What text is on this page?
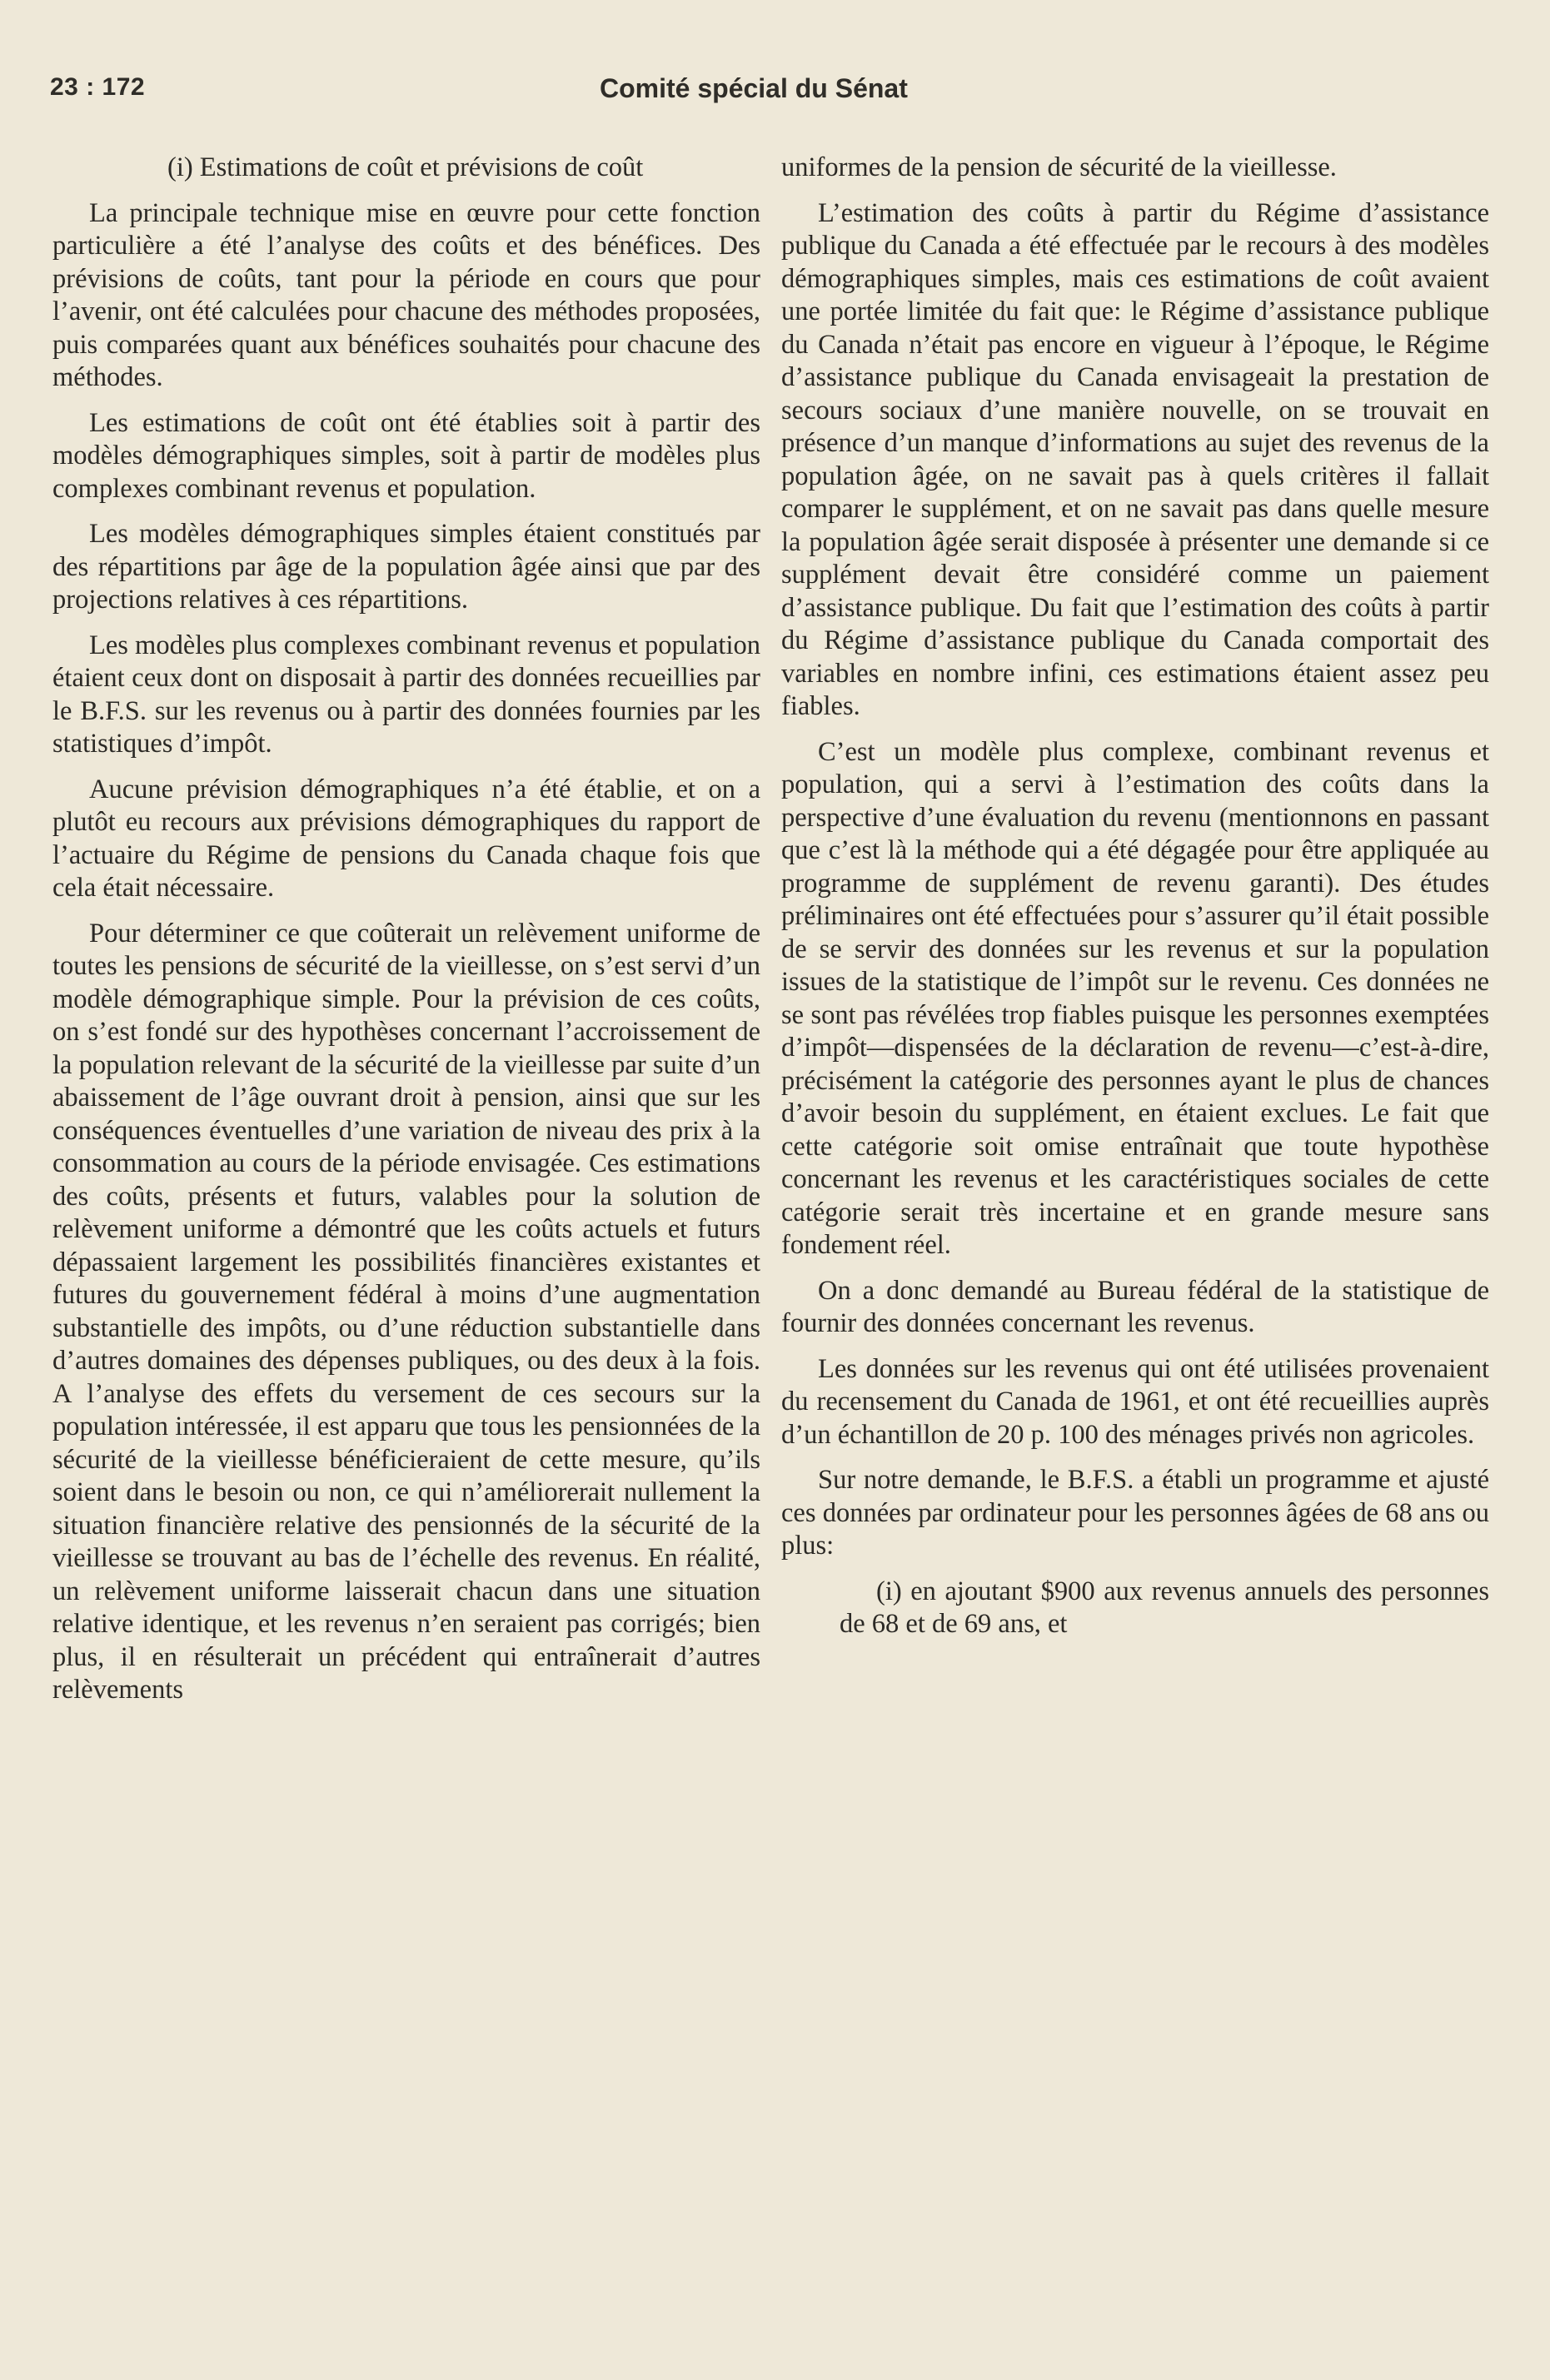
23 : 172	Comité spécial du Sénat

(i) Estimations de coût et prévisions de coût

La principale technique mise en œuvre pour cette fonction particulière a été l’analyse des coûts et des bénéfices. Des prévisions de coûts, tant pour la période en cours que pour l’avenir, ont été calculées pour chacune des méthodes proposées, puis comparées quant aux bénéfices souhaités pour chacune des méthodes.

Les estimations de coût ont été établies soit à partir des modèles démographiques simples, soit à partir de modèles plus complexes combinant revenus et population.

Les modèles démographiques simples étaient constitués par des répartitions par âge de la population âgée ainsi que par des projections relatives à ces répartitions.

Les modèles plus complexes combinant revenus et population étaient ceux dont on disposait à partir des données recueillies par le B.F.S. sur les revenus ou à partir des données fournies par les statistiques d’impôt.

Aucune prévision démographiques n’a été établie, et on a plutôt eu recours aux prévisions démographiques du rapport de l’actuaire du Régime de pensions du Canada chaque fois que cela était nécessaire.

Pour déterminer ce que coûterait un relèvement uniforme de toutes les pensions de sécurité de la vieillesse, on s’est servi d’un modèle démographique simple. Pour la prévision de ces coûts, on s’est fondé sur des hypothèses concernant l’accroissement de la population relevant de la sécurité de la vieillesse par suite d’un abaissement de l’âge ouvrant droit à pension, ainsi que sur les conséquences éventuelles d’une variation de niveau des prix à la consommation au cours de la période envisagée. Ces estimations des coûts, présents et futurs, valables pour la solution de relèvement uniforme a démontré que les coûts actuels et futurs dépassaient largement les possibilités financières existantes et futures du gouvernement fédéral à moins d’une augmentation substantielle des impôts, ou d’une réduction substantielle dans d’autres domaines des dépenses publiques, ou des deux à la fois. A l’analyse des effets du versement de ces secours sur la population intéressée, il est apparu que tous les pensionnées de la sécurité de la vieillesse bénéficieraient de cette mesure, qu’ils soient dans le besoin ou non, ce qui n’améliorerait nullement la situation financière relative des pensionnés de la sécurité de la vieillesse se trouvant au bas de l’échelle des revenus. En réalité, un relèvement uniforme laisserait chacun dans une situation relative identique, et les revenus n’en seraient pas corrigés; bien plus, il en résulterait un précédent qui entraînerait d’autres relèvements

uniformes de la pension de sécurité de la vieillesse.

L’estimation des coûts à partir du Régime d’assistance publique du Canada a été effectuée par le recours à des modèles démographiques simples, mais ces estimations de coût avaient une portée limitée du fait que: le Régime d’assistance publique du Canada n’était pas encore en vigueur à l’époque, le Régime d’assistance publique du Canada envisageait la prestation de secours sociaux d’une manière nouvelle, on se trouvait en présence d’un manque d’informations au sujet des revenus de la population âgée, on ne savait pas à quels critères il fallait comparer le supplément, et on ne savait pas dans quelle mesure la population âgée serait disposée à présenter une demande si ce supplément devait être considéré comme un paiement d’assistance publique. Du fait que l’estimation des coûts à partir du Régime d’assistance publique du Canada comportait des variables en nombre infini, ces estimations étaient assez peu fiables.

C’est un modèle plus complexe, combinant revenus et population, qui a servi à l’estimation des coûts dans la perspective d’une évaluation du revenu (mentionnons en passant que c’est là la méthode qui a été dégagée pour être appliquée au programme de supplément de revenu garanti). Des études préliminaires ont été effectuées pour s’assurer qu’il était possible de se servir des données sur les revenus et sur la population issues de la statistique de l’impôt sur le revenu. Ces données ne se sont pas révélées trop fiables puisque les personnes exemptées d’impôt—dispensées de la déclaration de revenu—c’est-à-dire, précisément la catégorie des personnes ayant le plus de chances d’avoir besoin du supplément, en étaient exclues. Le fait que cette catégorie soit omise entraînait que toute hypothèse concernant les revenus et les caractéristiques sociales de cette catégorie serait très incertaine et en grande mesure sans fondement réel.

On a donc demandé au Bureau fédéral de la statistique de fournir des données concernant les revenus.

Les données sur les revenus qui ont été utilisées provenaient du recensement du Canada de 1961, et ont été recueillies auprès d’un échantillon de 20 p. 100 des ménages privés non agricoles.

Sur notre demande, le B.F.S. a établi un programme et ajusté ces données par ordinateur pour les personnes âgées de 68 ans ou plus:

(i) en ajoutant $900 aux revenus annuels des personnes de 68 et de 69 ans, et
